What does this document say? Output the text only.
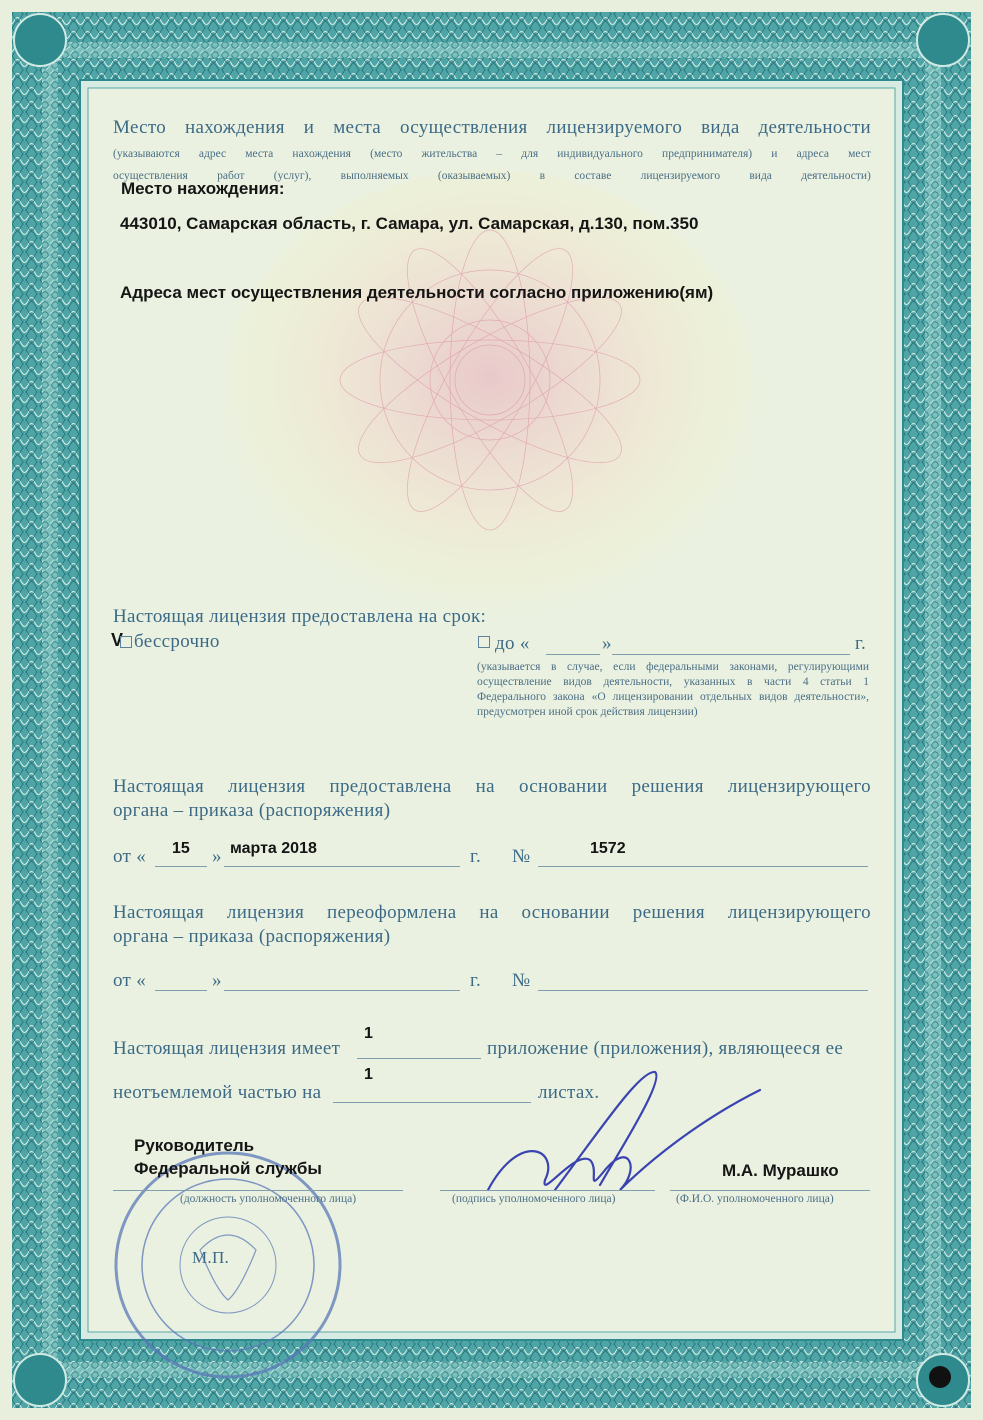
Место нахождения и места осуществления лицензируемого вида деятельности
(указываются адрес места нахождения (место жительства – для индивидуального предпринимателя) и адреса мест
осуществления	работ	(услуг),	выполняемых	(оказываемых)	в	составе	лицензируемого	вида	деятельности)
Место нахождения:
443010, Самарская область, г. Самара, ул. Самарская, д.130, пом.350
Адреса мест осуществления деятельности согласно приложению(ям)
Настоящая лицензия предоставлена на срок:
V бессрочно	до «	»	г.
(указывается в случае, если федеральными законами, регулирующими осуществление видов деятельности, указанных в части 4 статьи 1 Федерального закона «О лицензировании отдельных видов деятельности», предусмотрен иной срок действия лицензии)
Настоящая лицензия предоставлена на основании решения лицензирующего
органа – приказа (распоряжения)
от « 15 » марта 2018	г. №	1572
Настоящая лицензия переоформлена на основании решения лицензирующего
органа – приказа (распоряжения)
от «	»	г. №
Настоящая лицензия имеет
1
приложение (приложения), являющееся ее
неотъемлемой частью на
1
листах.
Руководитель
Федеральной службы	М.А. Мурашко
(должность уполномоченного лица)	(подпись уполномоченного лица)	(Ф.И.О. уполномоченного лица)
М.П.
